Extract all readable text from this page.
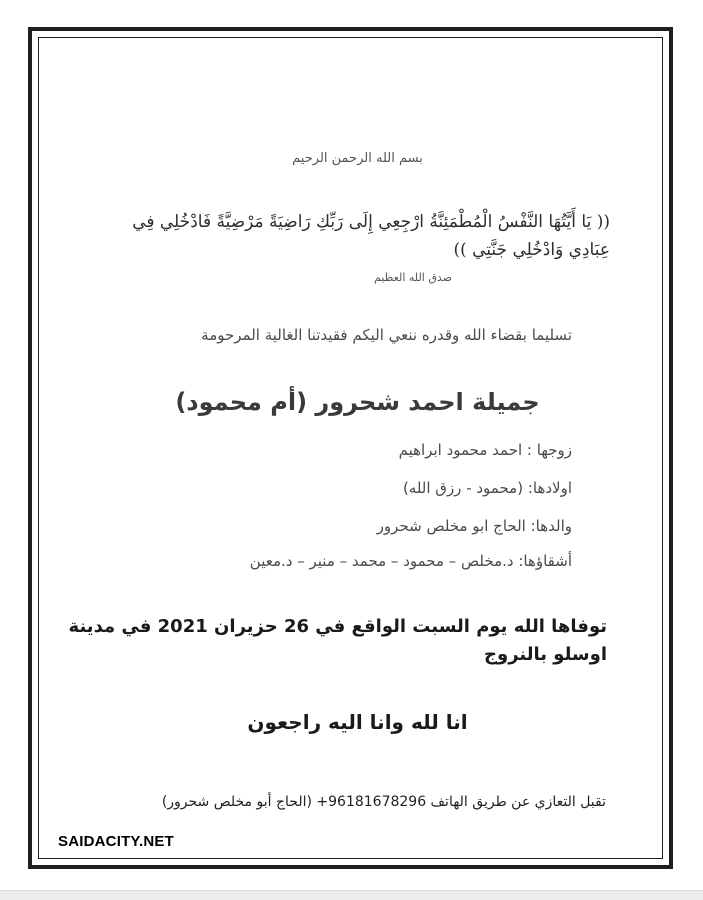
بسم الله الرحمن الرحيم
(( يَا أَيَّتُهَا النَّفْسُ الْمُطْمَئِنَّةُ ارْجِعِي إِلَى رَبِّكِ رَاضِيَةً مَرْضِيَّةً فَادْخُلِي فِي
عِبَادِي وَادْخُلِي جَنَّتِي ))
صدق الله العظيم
تسليما بقضاء الله وقدره ننعي اليكم فقيدتنا الغالية المرحومة
جميلة احمد شحرور (أم محمود)
زوجها : احمد محمود ابراهيم
اولادها: (محمود - رزق الله)
والدها: الحاج ابو مخلص شحرور
أشقاؤها: د.مخلص – محمود – محمد – منير – د.معين
توفاها الله يوم السبت الواقع في 26 حزيران 2021 في مدينة
اوسلو بالنروج
انا لله وانا اليه راجعون
تقبل التعازي عن طريق الهاتف 96181678296+ (الحاج أبو مخلص شحرور)
SAIDACITY.NET
